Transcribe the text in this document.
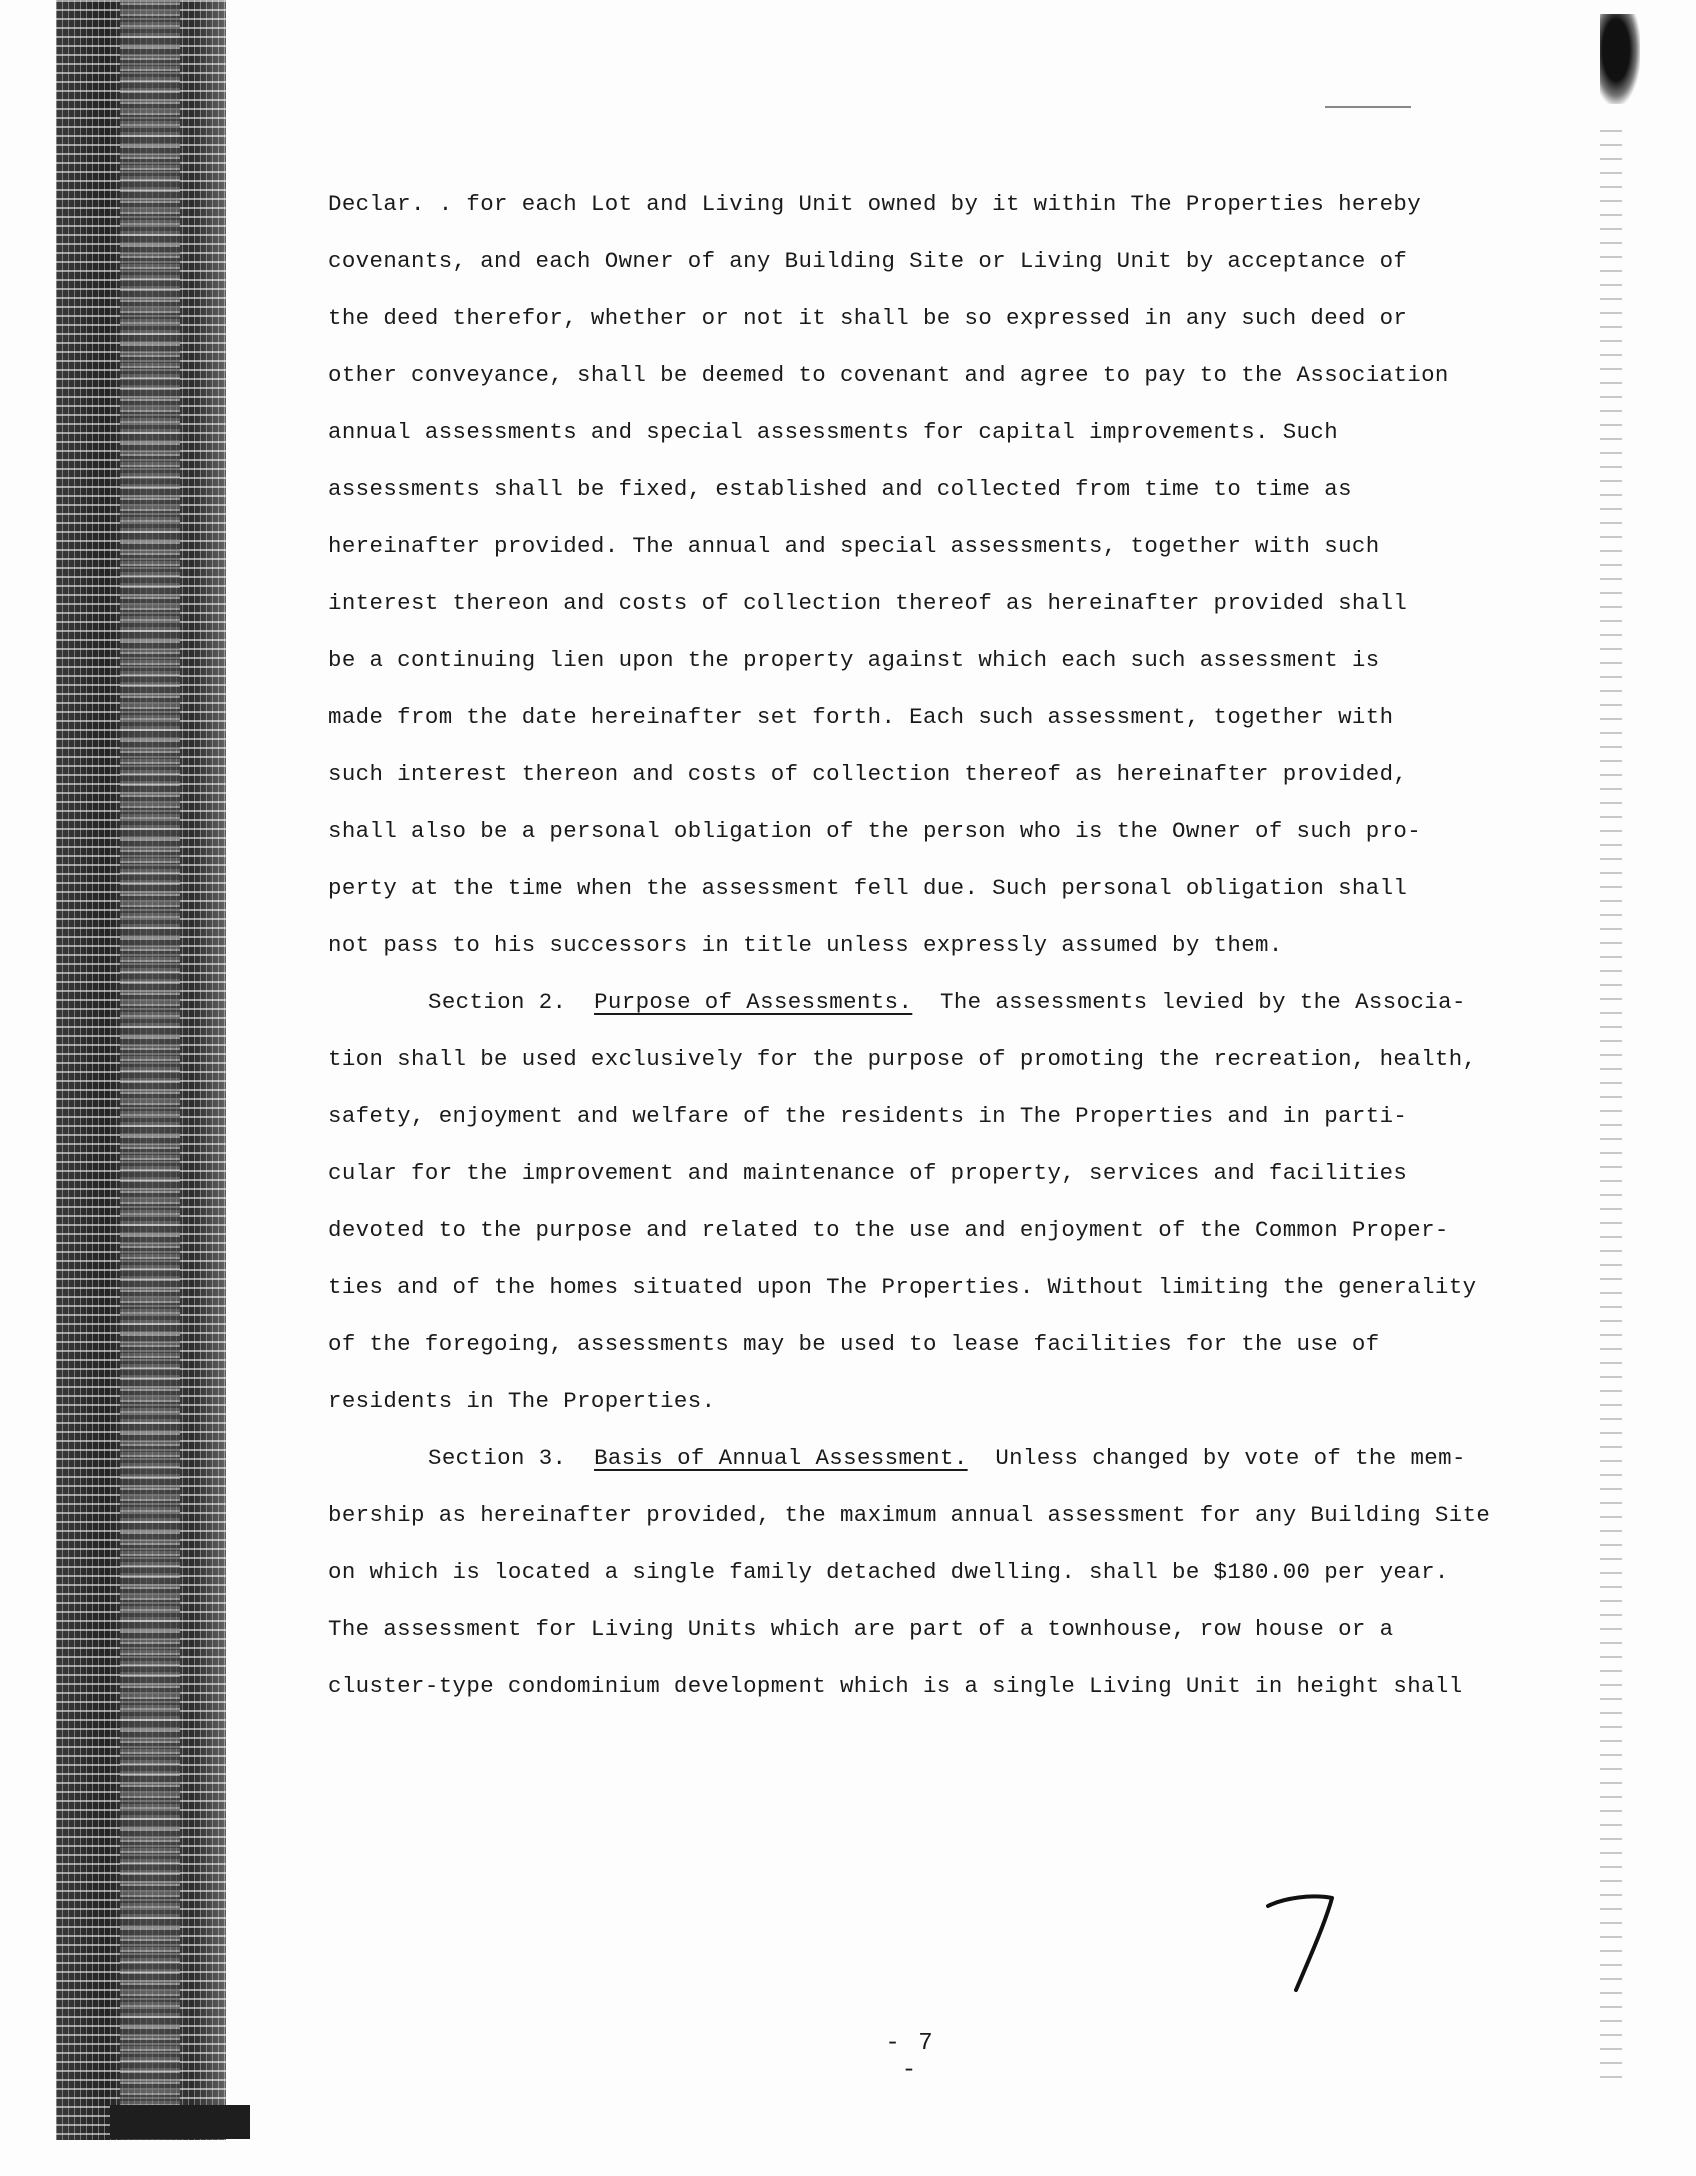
Declar. . for each Lot and Living Unit owned by it within The Properties hereby
covenants, and each Owner of any Building Site or Living Unit by acceptance of
the deed therefor, whether or not it shall be so expressed in any such deed or
other conveyance, shall be deemed to covenant and agree to pay to the Association
annual assessments and special assessments for capital improvements. Such
assessments shall be fixed, established and collected from time to time as
hereinafter provided. The annual and special assessments, together with such
interest thereon and costs of collection thereof as hereinafter provided shall
be a continuing lien upon the property against which each such assessment is
made from the date hereinafter set forth. Each such assessment, together with
such interest thereon and costs of collection thereof as hereinafter provided,
shall also be a personal obligation of the person who is the Owner of such pro-
perty at the time when the assessment fell due. Such personal obligation shall
not pass to his successors in title unless expressly assumed by them.
Section 2. Purpose of Assessments. The assessments levied by the Associa-
tion shall be used exclusively for the purpose of promoting the recreation, health,
safety, enjoyment and welfare of the residents in The Properties and in parti-
cular for the improvement and maintenance of property, services and facilities
devoted to the purpose and related to the use and enjoyment of the Common Proper-
ties and of the homes situated upon The Properties. Without limiting the generality
of the foregoing, assessments may be used to lease facilities for the use of
residents in The Properties.
Section 3. Basis of Annual Assessment. Unless changed by vote of the mem-
bership as hereinafter provided, the maximum annual assessment for any Building Site
on which is located a single family detached dwelling. shall be $180.00 per year.
The assessment for Living Units which are part of a townhouse, row house or a
cluster-type condominium development which is a single Living Unit in height shall
- 7 -
